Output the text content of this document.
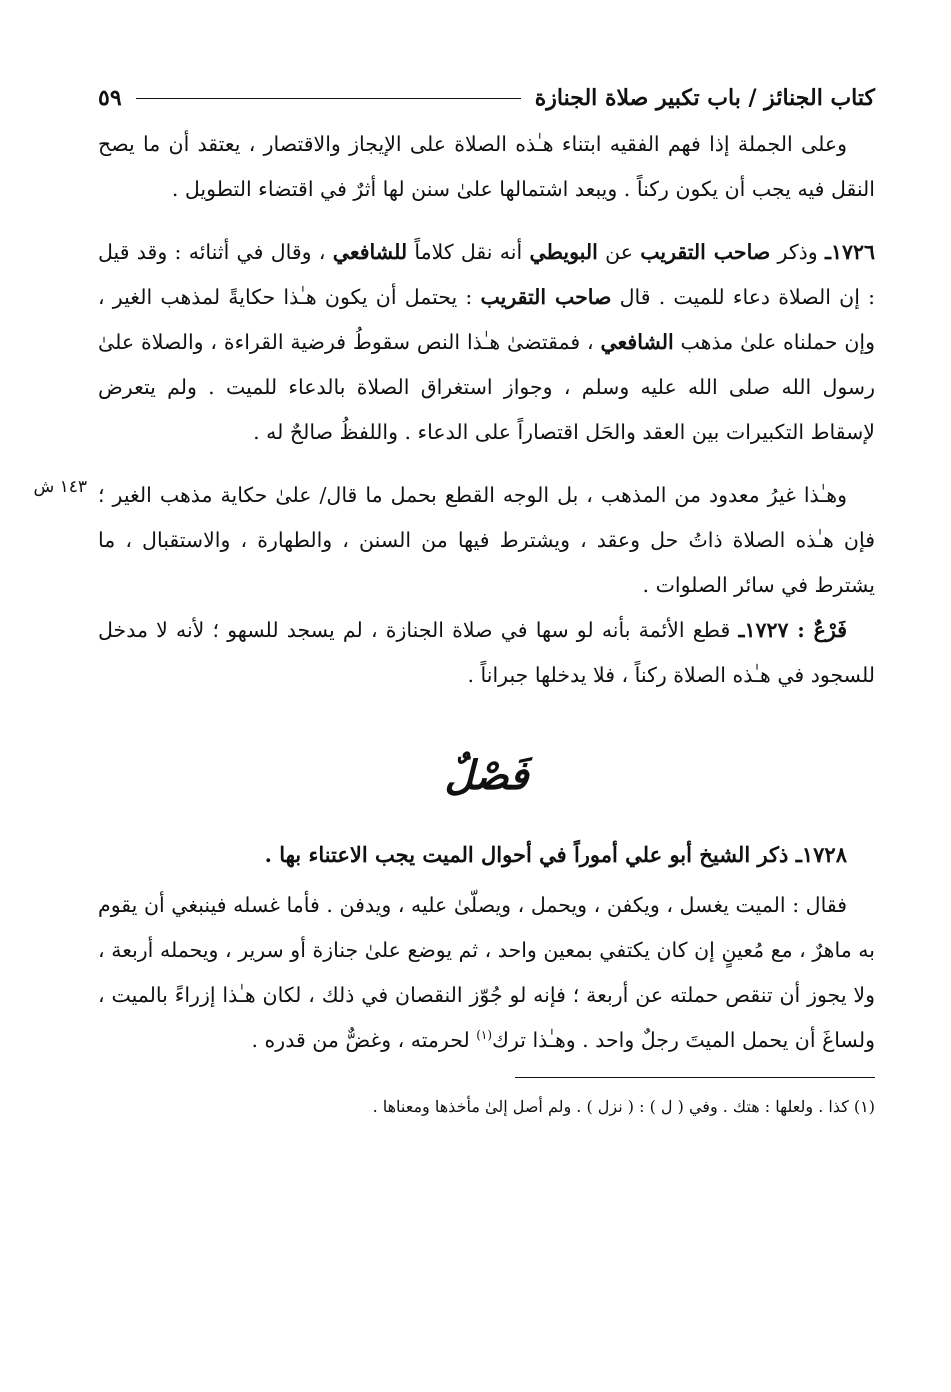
كتاب الجنائز / باب تكبير صلاة الجنازة
٥٩

وعلى الجملة إذا فهم الفقيه ابتناء هـٰذه الصلاة على الإيجاز والاقتصار ، يعتقد أن ما يصح النقل فيه يجب أن يكون ركناً . ويبعد اشتمالها علىٰ سنن لها أثرٌ في اقتضاء التطويل .

١٧٢٦ـ وذكر صاحب التقريب عن البويطي أنه نقل كلاماً للشافعي ، وقال في أثنائه : وقد قيل : إن الصلاة دعاء للميت . قال صاحب التقريب : يحتمل أن يكون هـٰذا حكايةً لمذهب الغير ، وإن حملناه علىٰ مذهب الشافعي ، فمقتضىٰ هـٰذا النص سقوطُ فرضية القراءة ، والصلاة علىٰ رسول الله صلى الله عليه وسلم ، وجواز استغراق الصلاة بالدعاء للميت . ولم يتعرض لإسقاط التكبيرات بين العقد والحَل اقتصاراً على الدعاء . واللفظُ صالحٌ له .

١٤٣ ش وهـٰذا غيرُ معدود من المذهب ، بل الوجه القطع بحمل ما قال/ علىٰ حكاية مذهب الغير ؛ فإن هـٰذه الصلاة ذاتُ حل وعقد ، ويشترط فيها من السنن ، والطهارة ، والاستقبال ، ما يشترط في سائر الصلوات .

فَرْعٌ : ١٧٢٧ـ قطع الأئمة بأنه لو سها في صلاة الجنازة ، لم يسجد للسهو ؛ لأنه لا مدخل للسجود في هـٰذه الصلاة ركناً ، فلا يدخلها جبراناً .

فَصْلٌ
١٧٢٨ـ ذكر الشيخ أبو علي أموراً في أحوال الميت يجب الاعتناء بها .

فقال : الميت يغسل ، ويكفن ، ويحمل ، ويصلّىٰ عليه ، ويدفن . فأما غسله فينبغي أن يقوم به ماهرٌ ، مع مُعينٍ إن كان يكتفي بمعين واحد ، ثم يوضع علىٰ جنازة أو سرير ، ويحمله أربعة ، ولا يجوز أن تنقص حملته عن أربعة ؛ فإنه لو جُوّز النقصان في ذلك ، لكان هـٰذا إزراءً بالميت ، ولساغَ أن يحمل الميتَ رجلٌ واحد . وهـٰذا ترك$^{(١)}$ لحرمته ، وغضٌّ من قدره .

(١) كذا . ولعلها : هتك . وفي ( ل ) : ( نزل ) . ولم أصل إلىٰ مأخذها ومعناها .
